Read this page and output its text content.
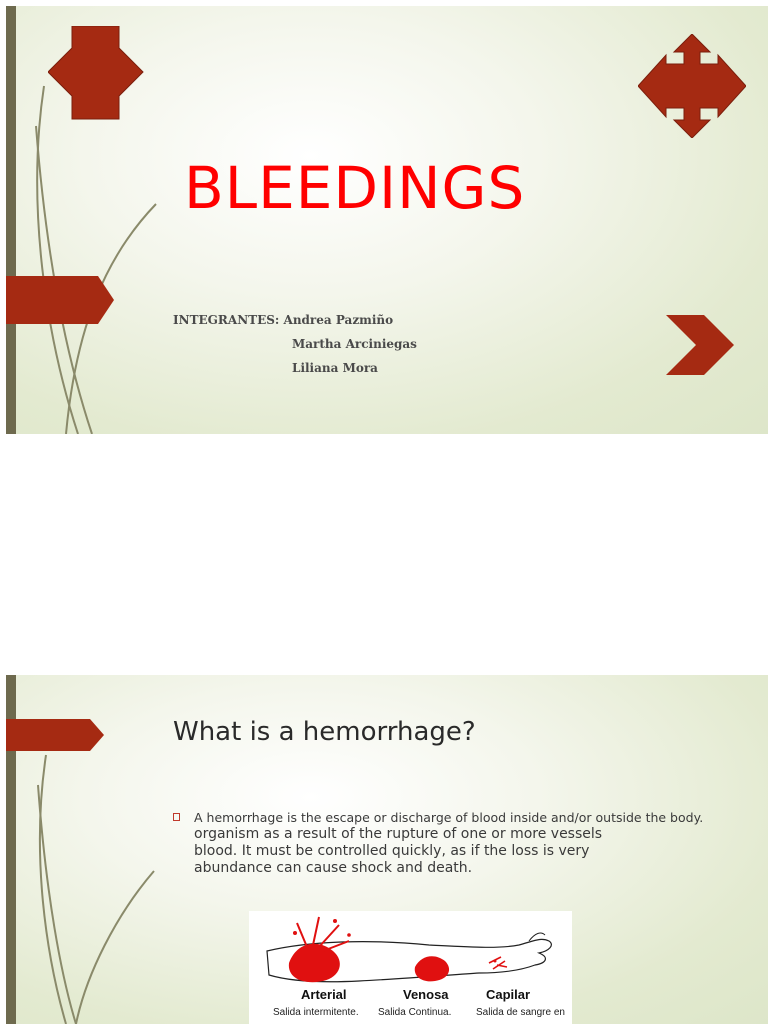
BLEEDINGS
INTEGRANTES: Andrea Pazmiño
Martha Arciniegas
Liliana Mora
What is a hemorrhage?
A hemorrhage is the escape or discharge of blood inside and/or outside the body.
organism as a result of the rupture of one or more vessels blood. It must be controlled quickly, as if the loss is very abundance can cause shock and death.
Arterial	Venosa	Capilar
Salida intermitente. Salida Continua. Salida de sangre en
